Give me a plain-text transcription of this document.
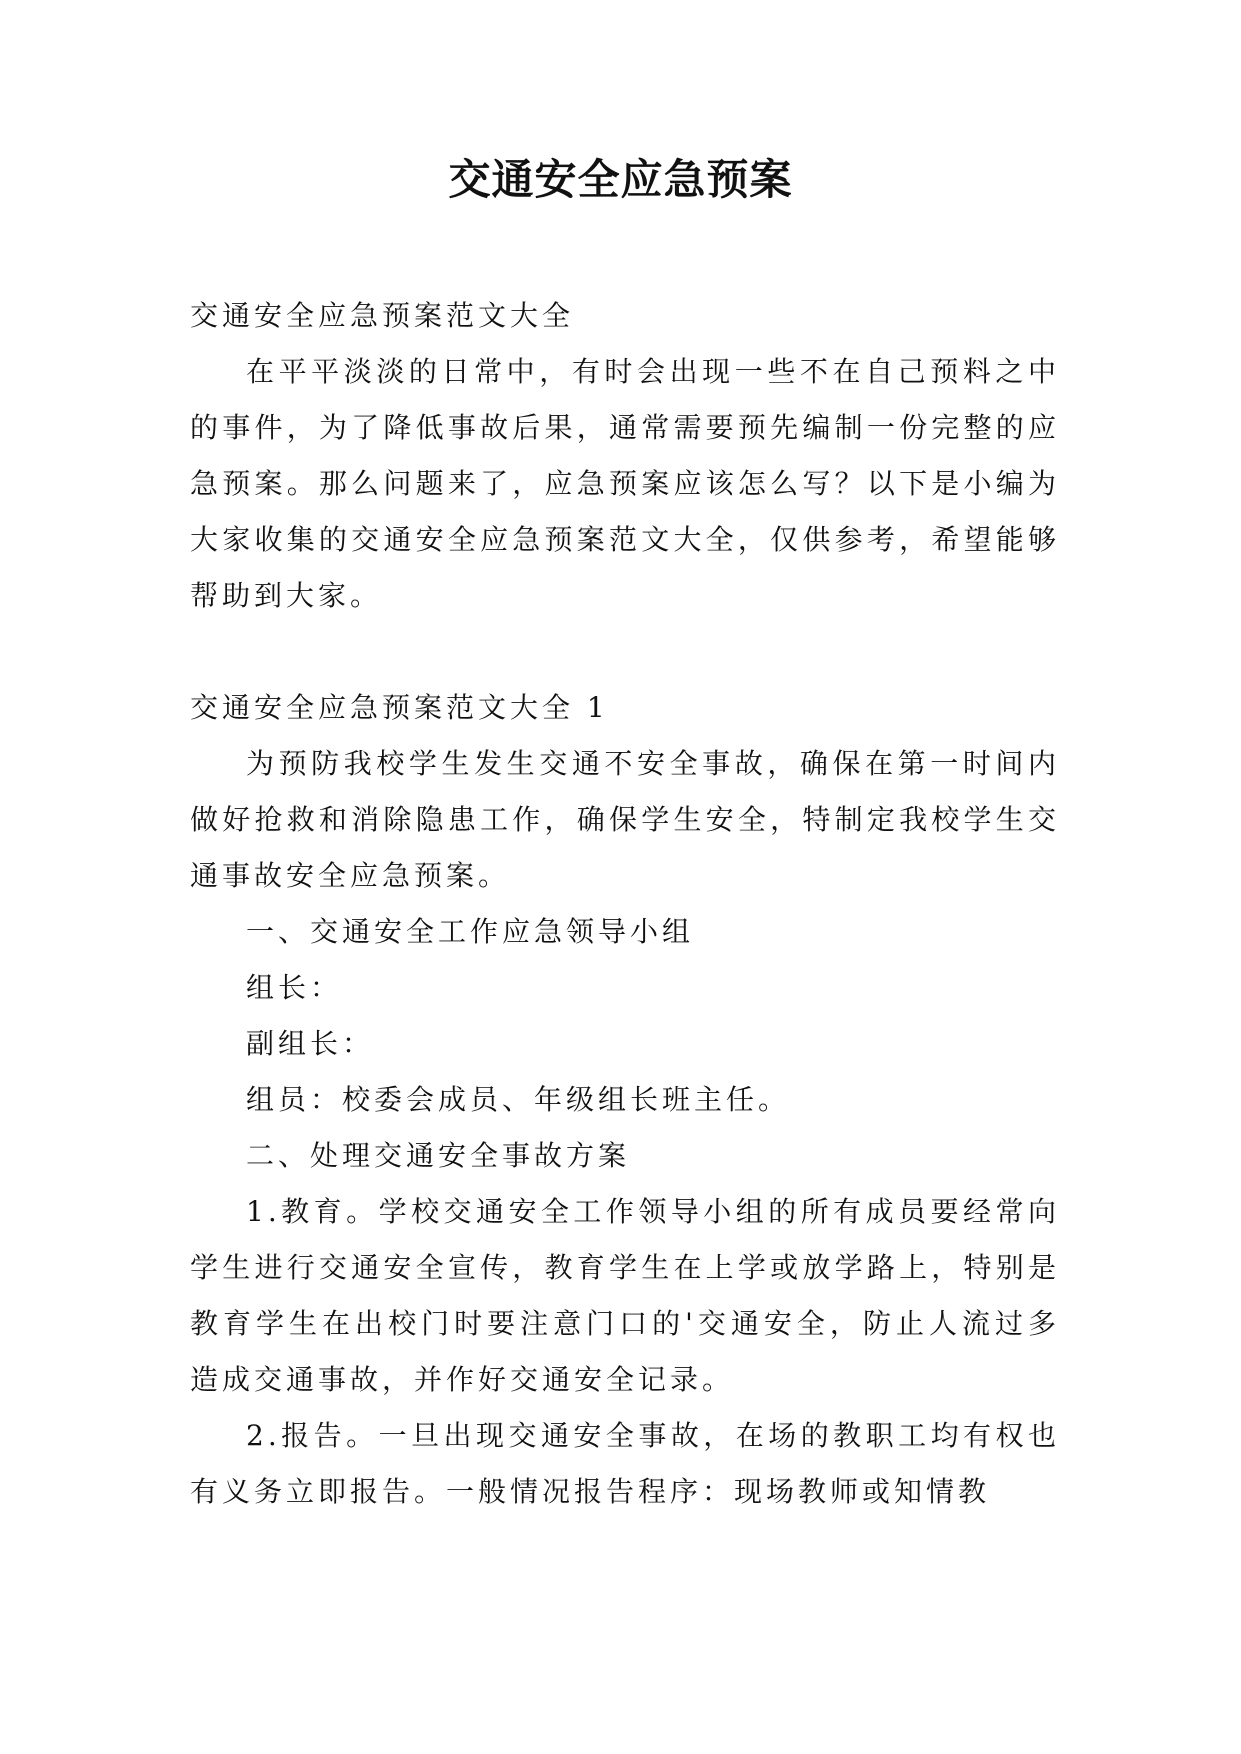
交通安全应急预案

交通安全应急预案范文大全

在平平淡淡的日常中，有时会出现一些不在自己预料之中的事件，为了降低事故后果，通常需要预先编制一份完整的应急预案。那么问题来了，应急预案应该怎么写？以下是小编为大家收集的交通安全应急预案范文大全，仅供参考，希望能够帮助到大家。

交通安全应急预案范文大全 1

为预防我校学生发生交通不安全事故，确保在第一时间内做好抢救和消除隐患工作，确保学生安全，特制定我校学生交通事故安全应急预案。

一、交通安全工作应急领导小组

组长：

副组长：

组员：校委会成员、年级组长班主任。

二、处理交通安全事故方案

1.教育。学校交通安全工作领导小组的所有成员要经常向学生进行交通安全宣传，教育学生在上学或放学路上，特别是教育学生在出校门时要注意门口的'交通安全，防止人流过多造成交通事故，并作好交通安全记录。

2.报告。一旦出现交通安全事故，在场的教职工均有权也有义务立即报告。一般情况报告程序：现场教师或知情教
